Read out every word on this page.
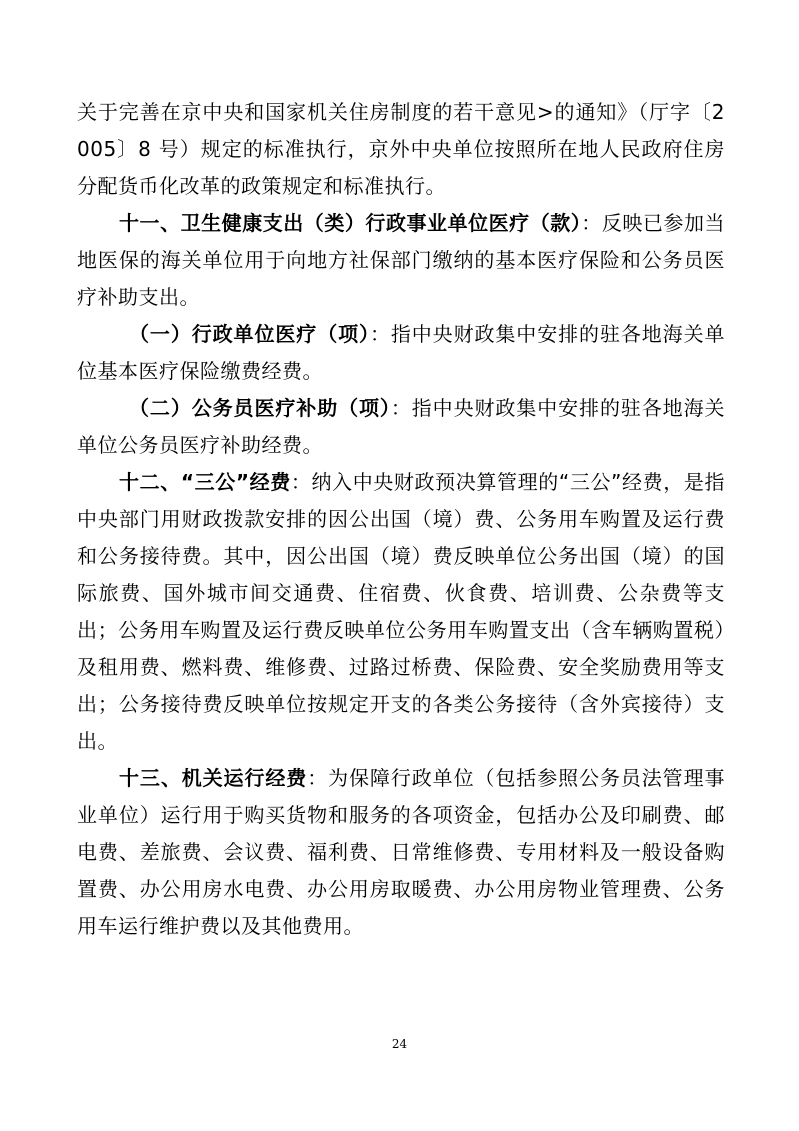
关于完善在京中央和国家机关住房制度的若干意见>的通知》（厅字〔2005〕8 号）规定的标准执行，京外中央单位按照所在地人民政府住房分配货币化改革的政策规定和标准执行。

十一、卫生健康支出（类）行政事业单位医疗（款）：反映已参加当地医保的海关单位用于向地方社保部门缴纳的基本医疗保险和公务员医疗补助支出。

（一）行政单位医疗（项）：指中央财政集中安排的驻各地海关单位基本医疗保险缴费经费。

（二）公务员医疗补助（项）：指中央财政集中安排的驻各地海关单位公务员医疗补助经费。

十二、“三公”经费：纳入中央财政预决算管理的“三公”经费，是指中央部门用财政拨款安排的因公出国（境）费、公务用车购置及运行费和公务接待费。其中，因公出国（境）费反映单位公务出国（境）的国际旅费、国外城市间交通费、住宿费、伙食费、培训费、公杂费等支出；公务用车购置及运行费反映单位公务用车购置支出（含车辆购置税）及租用费、燃料费、维修费、过路过桥费、保险费、安全奖励费用等支出；公务接待费反映单位按规定开支的各类公务接待（含外宾接待）支出。

十三、机关运行经费：为保障行政单位（包括参照公务员法管理事业单位）运行用于购买货物和服务的各项资金，包括办公及印刷费、邮电费、差旅费、会议费、福利费、日常维修费、专用材料及一般设备购置费、办公用房水电费、办公用房取暖费、办公用房物业管理费、公务用车运行维护费以及其他费用。

24
